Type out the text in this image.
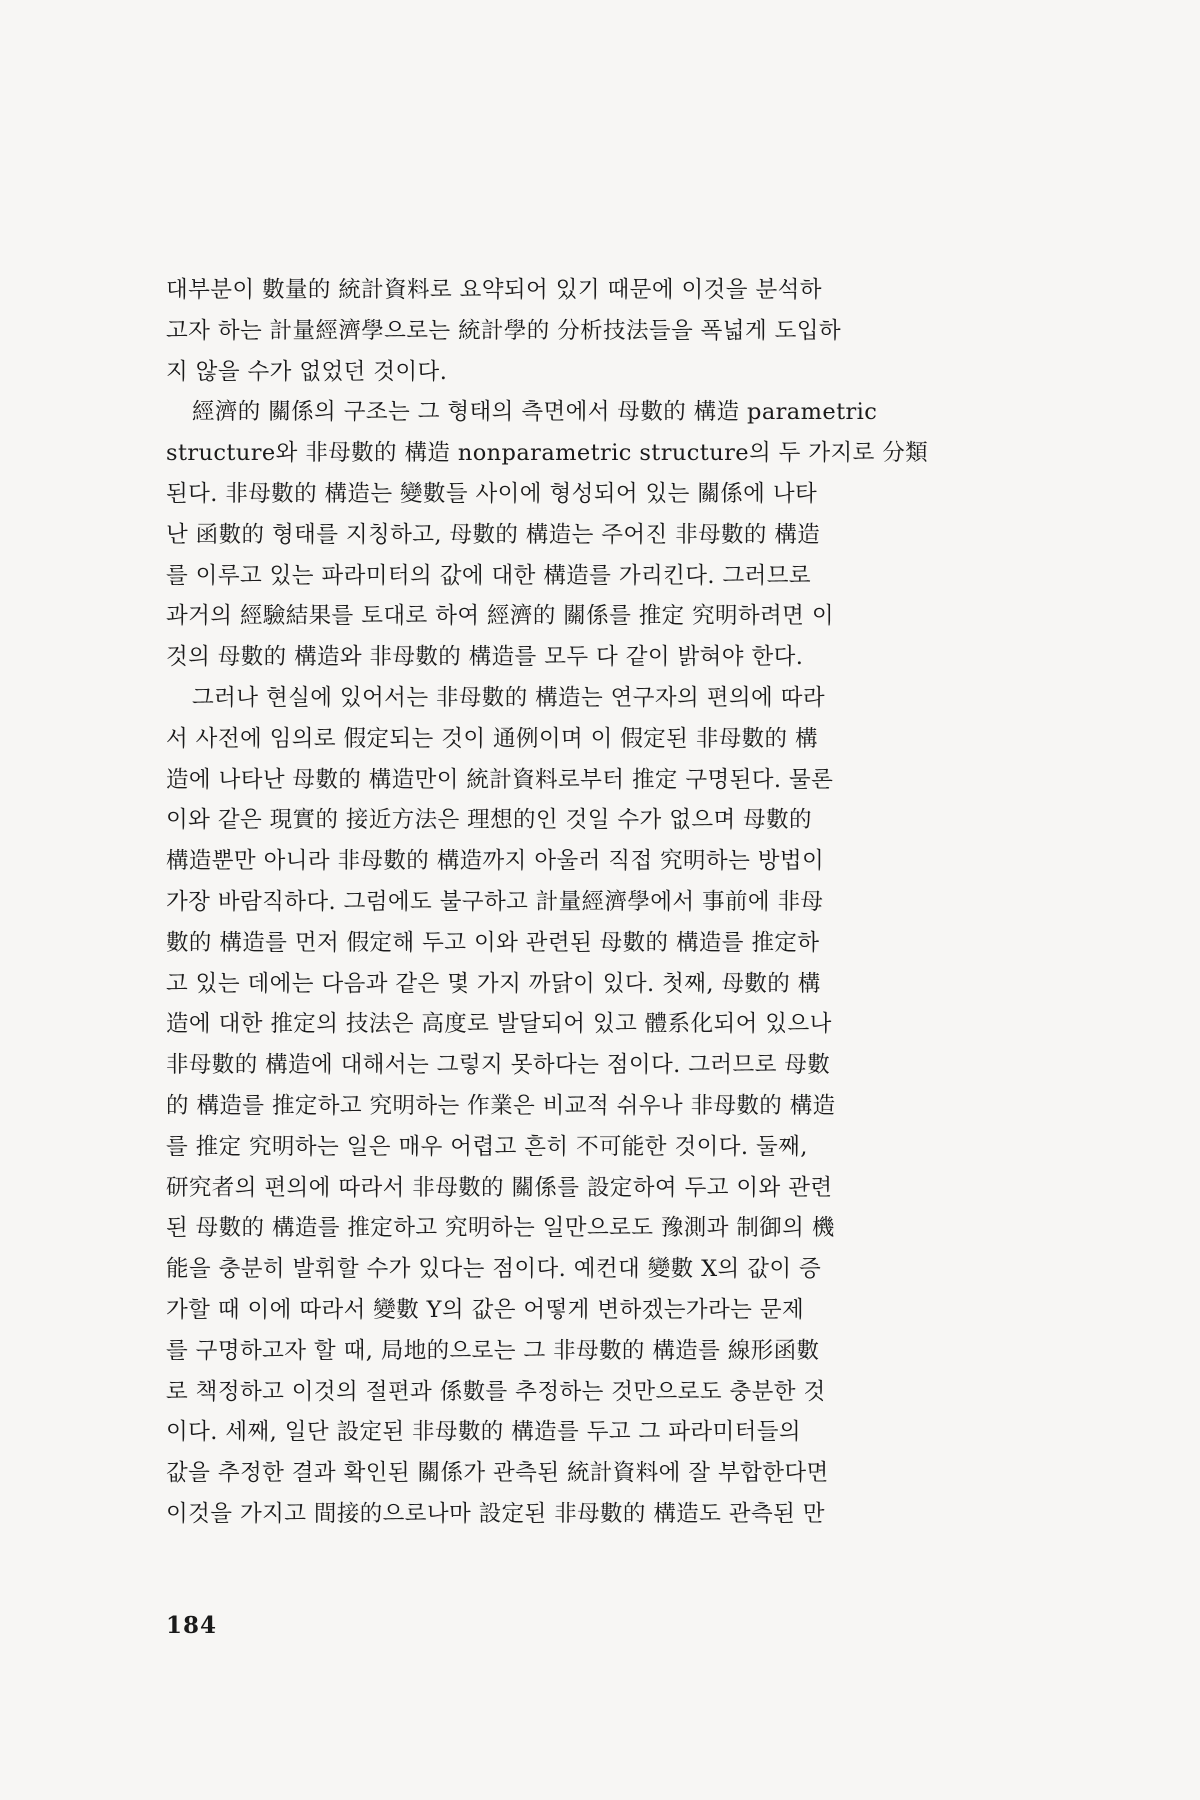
대부분이 數量的 統計資料로 요약되어 있기 때문에 이것을 분석하
고자 하는 計量經濟學으로는 統計學的 分析技法들을 폭넓게 도입하
지 않을 수가 없었던 것이다.
經濟的 關係의 구조는 그 형태의 측면에서 母數的 構造 parametric
structure와 非母數的 構造 nonparametric structure의 두 가지로 分類
된다. 非母數的 構造는 變數들 사이에 형성되어 있는 關係에 나타
난 函數的 형태를 지칭하고, 母數的 構造는 주어진 非母數的 構造
를 이루고 있는 파라미터의 값에 대한 構造를 가리킨다. 그러므로
과거의 經驗結果를 토대로 하여 經濟的 關係를 推定 究明하려면 이
것의 母數的 構造와 非母數的 構造를 모두 다 같이 밝혀야 한다.
그러나 현실에 있어서는 非母數的 構造는 연구자의 편의에 따라
서 사전에 임의로 假定되는 것이 通例이며 이 假定된 非母數的 構
造에 나타난 母數的 構造만이 統計資料로부터 推定 구명된다. 물론
이와 같은 現實的 接近方法은 理想的인 것일 수가 없으며 母數的
構造뿐만 아니라 非母數的 構造까지 아울러 직접 究明하는 방법이
가장 바람직하다. 그럼에도 불구하고 計量經濟學에서 事前에 非母
數的 構造를 먼저 假定해 두고 이와 관련된 母數的 構造를 推定하
고 있는 데에는 다음과 같은 몇 가지 까닭이 있다. 첫째, 母數的 構
造에 대한 推定의 技法은 高度로 발달되어 있고 體系化되어 있으나
非母數的 構造에 대해서는 그렇지 못하다는 점이다. 그러므로 母數
的 構造를 推定하고 究明하는 作業은 비교적 쉬우나 非母數的 構造
를 推定 究明하는 일은 매우 어렵고 흔히 不可能한 것이다. 둘째,
研究者의 편의에 따라서 非母數的 關係를 設定하여 두고 이와 관련
된 母數的 構造를 推定하고 究明하는 일만으로도 豫測과 制御의 機
能을 충분히 발휘할 수가 있다는 점이다. 예컨대 變數 X의 값이 증
가할 때 이에 따라서 變數 Y의 값은 어떻게 변하겠는가라는 문제
를 구명하고자 할 때, 局地的으로는 그 非母數的 構造를 線形函數
로 책정하고 이것의 절편과 係數를 추정하는 것만으로도 충분한 것
이다. 세째, 일단 設定된 非母數的 構造를 두고 그 파라미터들의
값을 추정한 결과 확인된 關係가 관측된 統計資料에 잘 부합한다면
이것을 가지고 間接的으로나마 設定된 非母數的 構造도 관측된 만
184
